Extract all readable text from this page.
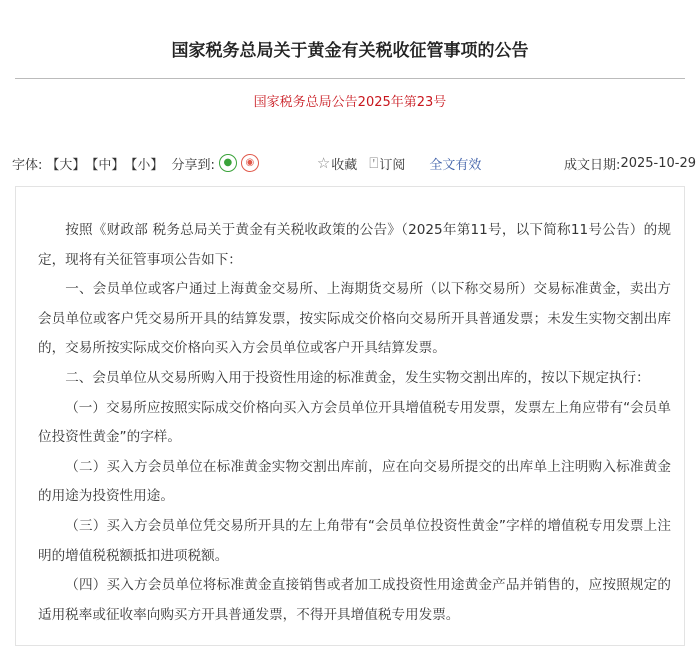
国家税务总局关于黄金有关税收征管事项的公告
国家税务总局公告2025年第23号
字体: 【大】 【中】 【小】 分享到: ●	◉	☆ 收藏 ⍞ 订阅 全文有效	成文日期: 2025-10-29

按照《财政部 税务总局关于黄金有关税收政策的公告》（2025年第11号，以下简称11号公告）的规定，现将有关征管事项公告如下：

一、会员单位或客户通过上海黄金交易所、上海期货交易所（以下称交易所）交易标准黄金，卖出方会员单位或客户凭交易所开具的结算发票，按实际成交价格向交易所开具普通发票；未发生实物交割出库的，交易所按实际成交价格向买入方会员单位或客户开具结算发票。

二、会员单位从交易所购入用于投资性用途的标准黄金，发生实物交割出库的，按以下规定执行：

（一）交易所应按照实际成交价格向买入方会员单位开具增值税专用发票，发票左上角应带有“会员单位投资性黄金”的字样。

（二）买入方会员单位在标准黄金实物交割出库前，应在向交易所提交的出库单上注明购入标准黄金的用途为投资性用途。

（三）买入方会员单位凭交易所开具的左上角带有“会员单位投资性黄金”字样的增值税专用发票上注明的增值税税额抵扣进项税额。

（四）买入方会员单位将标准黄金直接销售或者加工成投资性用途黄金产品并销售的，应按照规定的适用税率或征收率向购买方开具普通发票，不得开具增值税专用发票。
